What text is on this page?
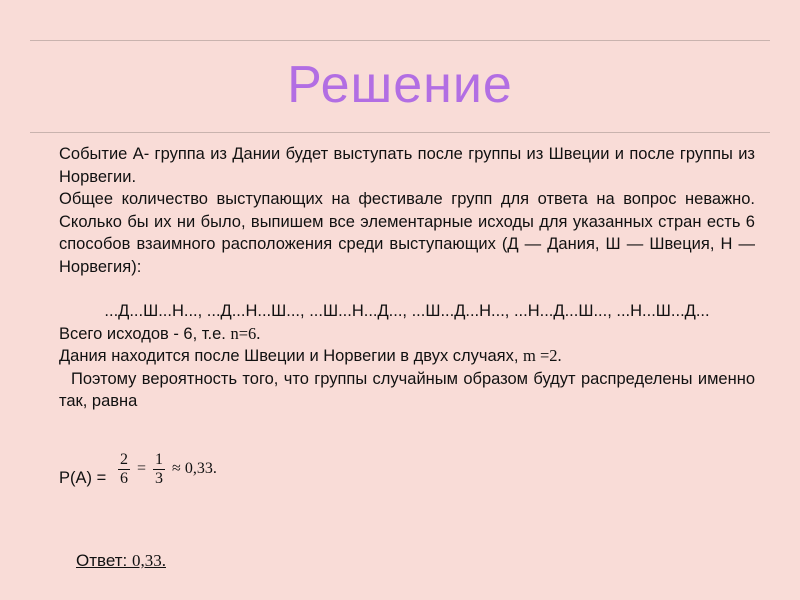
Решение

Событие А- группа из Дании будет выступать после группы из Швеции и после группы из Норвегии.

Общее количество выступающих на фестивале групп для ответа на вопрос неважно. Сколько бы их ни было, выпишем все элементарные исходы для указанных стран есть 6 способов взаимного расположения среди выступающих (Д — Дания, Ш — Швеция, Н — Норвегия):

...Д...Ш...Н..., ...Д...Н...Ш..., ...Ш...Н...Д..., ...Ш...Д...Н..., ...Н...Д...Ш..., ...Н...Ш...Д...

Всего исходов - 6, т.е. n=6.

Дания находится после Швеции и Норвегии в двух случаях, m =2.

Поэтому вероятность того, что группы случайным образом будут распределены именно так, равна

$P(A) = \frac{2}{6} = \frac{1}{3} \approx 0,33$.
Ответ: 0,33.
